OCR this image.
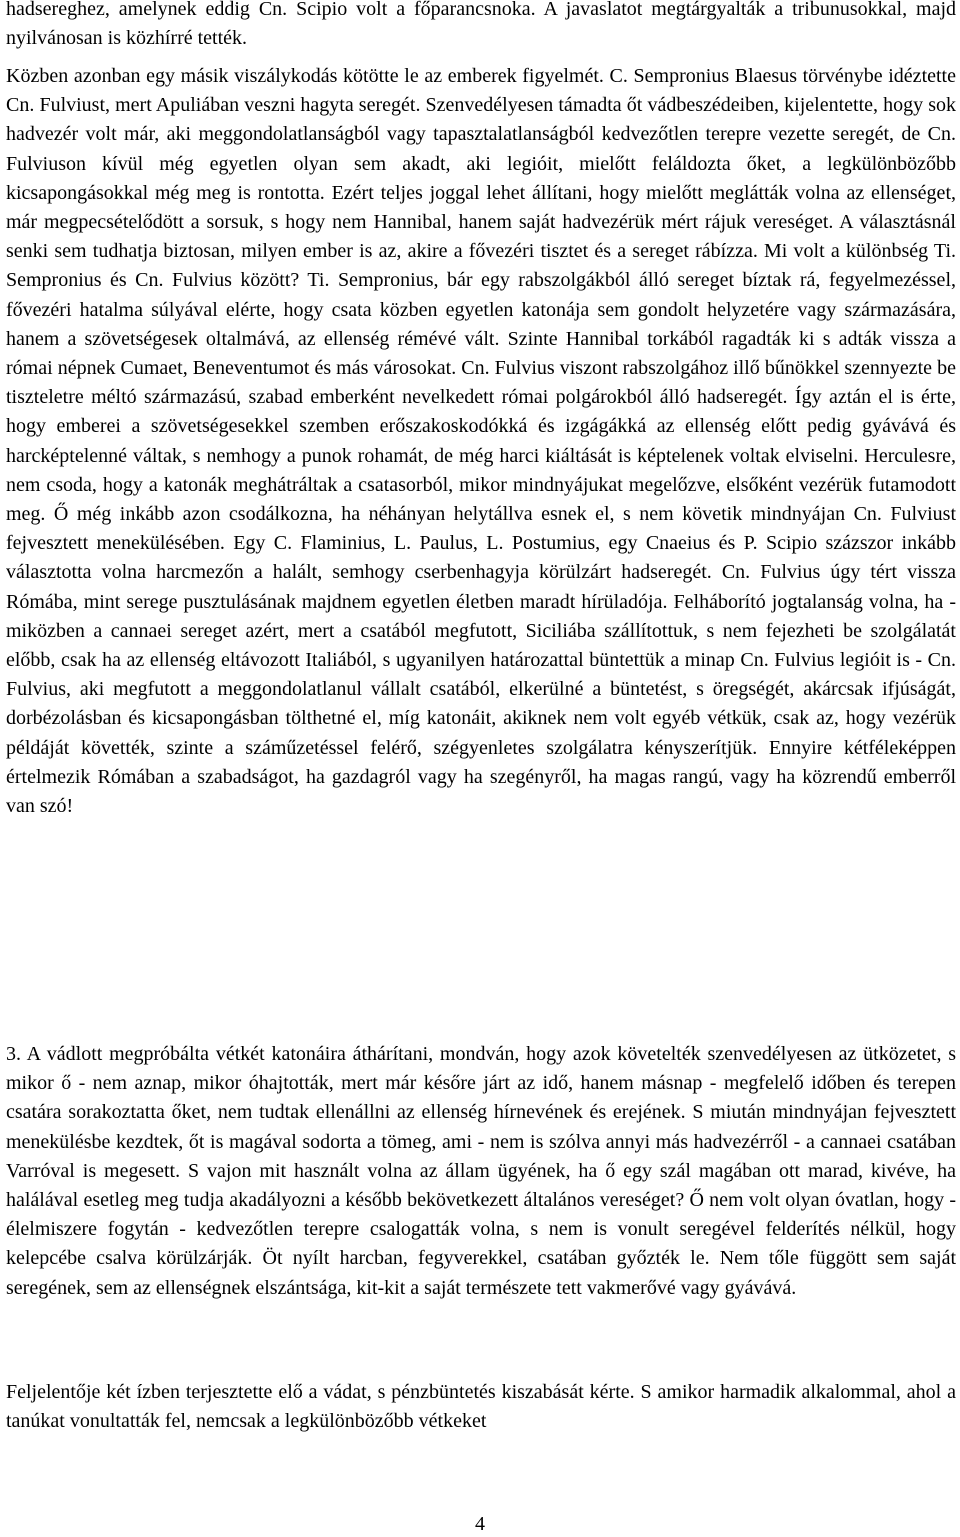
hadsereghez, amelynek eddig Cn. Scipio volt a főparancsnoka. A javaslatot megtárgyalták a tribunusokkal, majd nyilvánosan is közhírré tették.

Közben azonban egy másik viszálykodás kötötte le az emberek figyelmét. C. Sempronius Blaesus törvénybe idéztette Cn. Fulviust, mert Apuliában veszni hagyta seregét. Szenvedélyesen támadta őt vádbeszédeiben, kijelentette, hogy sok hadvezér volt már, aki meggondolatlanságból vagy tapasztalatlanságból kedvezőtlen terepre vezette seregét, de Cn. Fulviuson kívül még egyetlen olyan sem akadt, aki legióit, mielőtt feláldozta őket, a legkülönbözőbb kicsapongásokkal még meg is rontotta. Ezért teljes joggal lehet állítani, hogy mielőtt meglátták volna az ellenséget, már megpecsételődött a sorsuk, s hogy nem Hannibal, hanem saját hadvezérük mért rájuk vereséget. A választásnál senki sem tudhatja biztosan, milyen ember is az, akire a fővezéri tisztet és a sereget rábízza. Mi volt a különbség Ti. Sempronius és Cn. Fulvius között? Ti. Sempronius, bár egy rabszolgákból álló sereget bíztak rá, fegyelmezéssel, fővezéri hatalma súlyával elérte, hogy csata közben egyetlen katonája sem gondolt helyzetére vagy származására, hanem a szövetségesek oltalmává, az ellenség rémévé vált. Szinte Hannibal torkából ragadták ki s adták vissza a római népnek Cumaet, Beneventumot és más városokat. Cn. Fulvius viszont rabszolgához illő bűnökkel szennyezte be tiszteletre méltó származású, szabad emberként nevelkedett római polgárokból álló hadseregét. Így aztán el is érte, hogy emberei a szövetségesekkel szemben erőszakoskodókká és izgágákká az ellenség előtt pedig gyávává és harcképtelenné váltak, s nemhogy a punok rohamát, de még harci kiáltását is képtelenek voltak elviselni. Herculesre, nem csoda, hogy a katonák meghátráltak a csatasorból, mikor mindnyájukat megelőzve, elsőként vezérük futamodott meg. Ő még inkább azon csodálkozna, ha néhányan helytállva esnek el, s nem követik mindnyájan Cn. Fulviust fejvesztett menekülésében. Egy C. Flaminius, L. Paulus, L. Postumius, egy Cnaeius és P. Scipio százszor inkább választotta volna harcmezőn a halált, semhogy cserbenhagyja körülzárt hadseregét. Cn. Fulvius úgy tért vissza Rómába, mint serege pusztulásának majdnem egyetlen életben maradt hírüladója. Felháborító jogtalanság volna, ha - miközben a cannaei sereget azért, mert a csatából megfutott, Siciliába szállítottuk, s nem fejezheti be szolgálatát előbb, csak ha az ellenség eltávozott Italiából, s ugyanilyen határozattal büntettük a minap Cn. Fulvius legióit is - Cn. Fulvius, aki megfutott a meggondolatlanul vállalt csatából, elkerülné a büntetést, s öregségét, akárcsak ifjúságát, dorbézolásban és kicsapongásban tölthetné el, míg katonáit, akiknek nem volt egyéb vétkük, csak az, hogy vezérük példáját követték, szinte a száműzetéssel felérő, szégyenletes szolgálatra kényszerítjük. Ennyire kétféleképpen értelmezik Rómában a szabadságot, ha gazdagról vagy ha szegényről, ha magas rangú, vagy ha közrendű emberről van szó!

3. A vádlott megpróbálta vétkét katonáira áthárítani, mondván, hogy azok követelték szenvedélyesen az ütközetet, s mikor ő - nem aznap, mikor óhajtották, mert már későre járt az idő, hanem másnap - megfelelő időben és terepen csatára sorakoztatta őket, nem tudtak ellenállni az ellenség hírnevének és erejének. S miután mindnyájan fejvesztett menekülésbe kezdtek, őt is magával sodorta a tömeg, ami - nem is szólva annyi más hadvezérről - a cannaei csatában Varróval is megesett. S vajon mit használt volna az állam ügyének, ha ő egy szál magában ott marad, kivéve, ha halálával esetleg meg tudja akadályozni a később bekövetkezett általános vereséget? Ő nem volt olyan óvatlan, hogy - élelmiszere fogytán - kedvezőtlen terepre csalogatták volna, s nem is vonult seregével felderítés nélkül, hogy kelepcébe csalva körülzárják. Öt nyílt harcban, fegyverekkel, csatában győzték le. Nem tőle függött sem saját seregének, sem az ellenségnek elszántsága, kit-kit a saját természete tett vakmerővé vagy gyávává.

Feljelentője két ízben terjesztette elő a vádat, s pénzbüntetés kiszabását kérte. S amikor harmadik alkalommal, ahol a tanúkat vonultatták fel, nemcsak a legkülönbözőbb vétkeket

4
